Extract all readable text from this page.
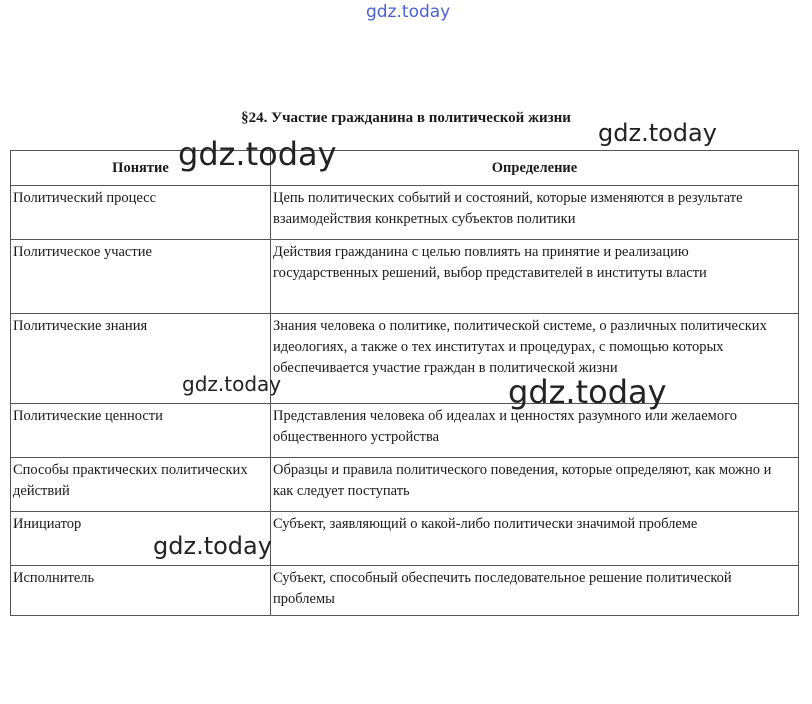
gdz.today
§24. Участие гражданина в политической жизни
Понятие	Определение
Политический процесс	Цепь политических событий и состояний, которые изменяются в результате взаимодействия конкретных субъектов политики
Политическое участие	Действия гражданина с целью повлиять на принятие и реализацию государственных решений, выбор представителей в институты власти
Политические знания	Знания человека о политике, политической системе, о различных политических идеологиях, а также о тех институтах и процедурах, с помощью которых обеспечивается участие граждан в политической жизни
Политические ценности	Представления человека об идеалах и ценностях разумного или желаемого общественного устройства
Способы практических политических действий	Образцы и правила политического поведения, которые определяют, как можно и как следует поступать
Инициатор	Субъект, заявляющий о какой-либо политически значимой проблеме
Исполнитель	Субъект, способный обеспечить последовательное решение политической проблемы
gdz.today
gdz.today
gdz.today	gdz.today
gdz.today
